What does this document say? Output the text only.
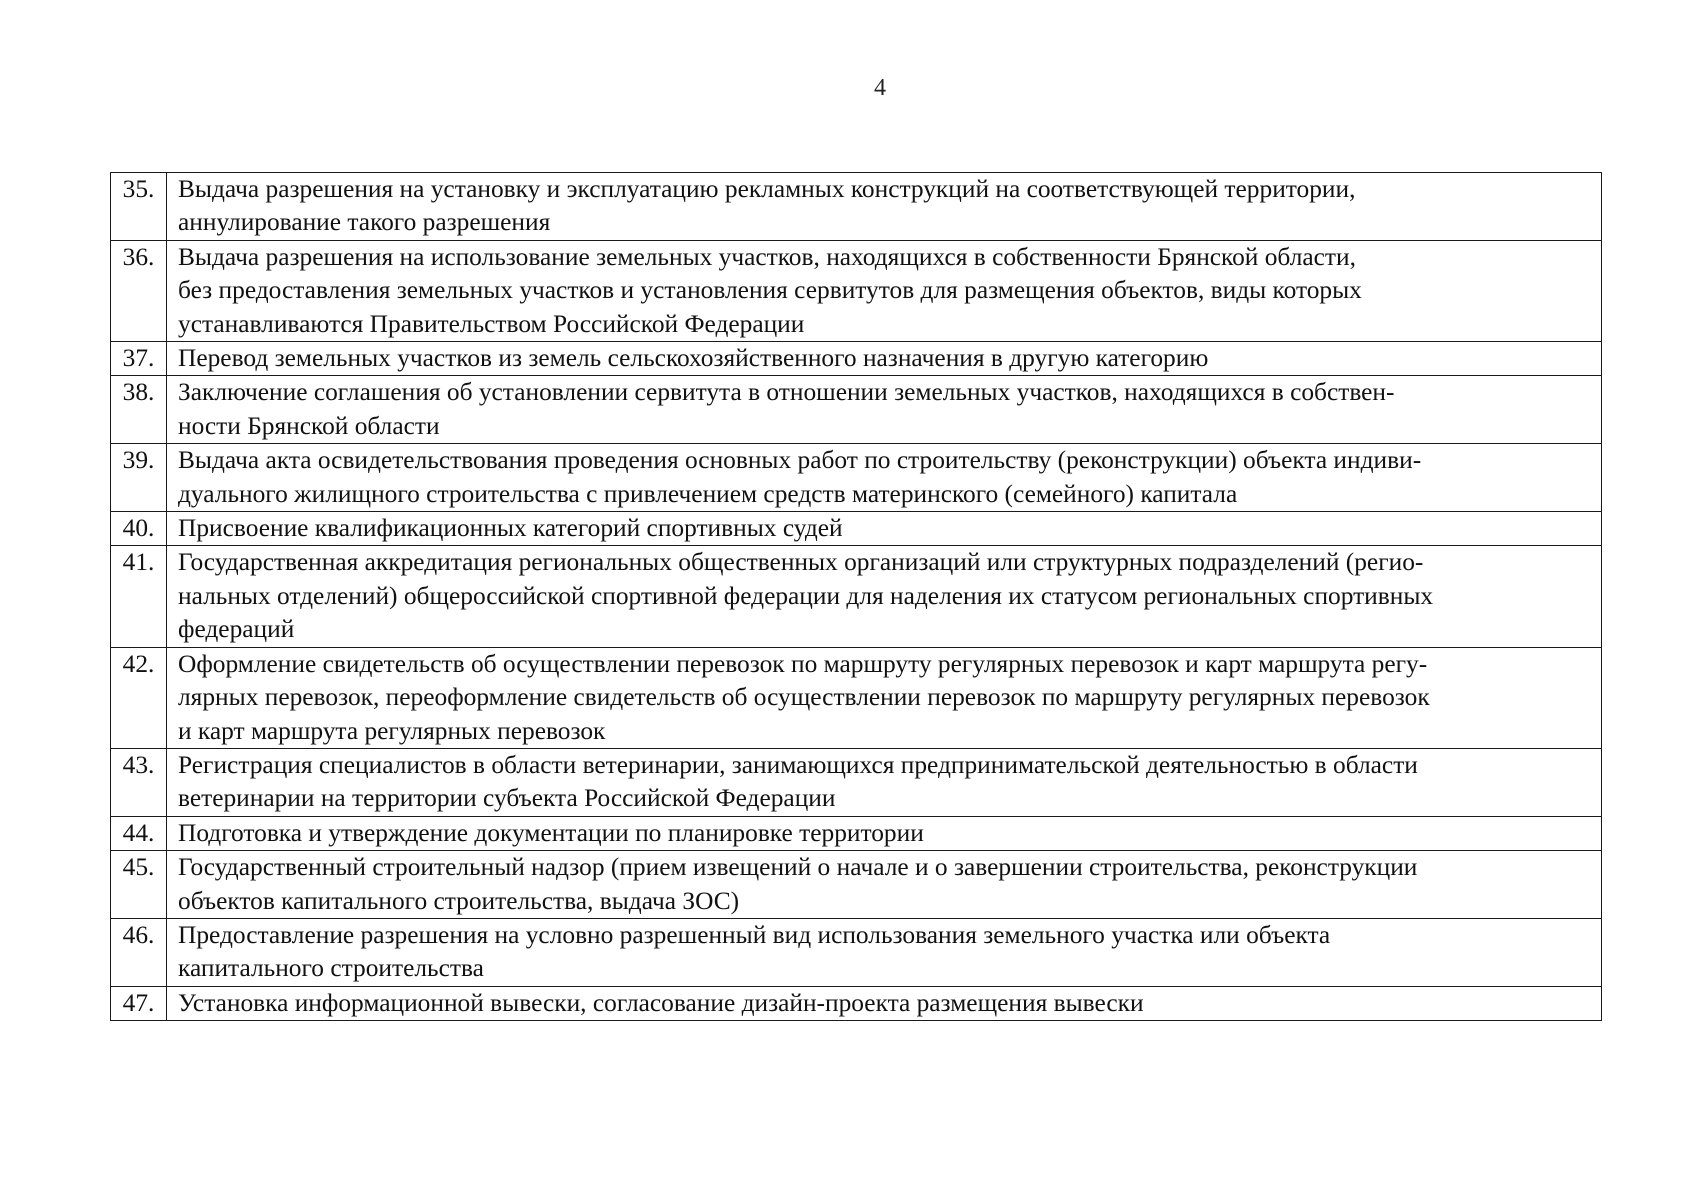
4
35.	Выдача разрешения на установку и эксплуатацию рекламных конструкций на соответствующей территории,
аннулирование такого разрешения

36.	Выдача разрешения на использование земельных участков, находящихся в собственности Брянской области,
без предоставления земельных участков и установления сервитутов для размещения объектов, виды которых
устанавливаются Правительством Российской Федерации

37.	Перевод земельных участков из земель сельскохозяйственного назначения в другую категорию

38.	Заключение соглашения об установлении сервитута в отношении земельных участков, находящихся в собствен-
ности Брянской области

39.	Выдача акта освидетельствования проведения основных работ по строительству (реконструкции) объекта индиви-
дуального жилищного строительства с привлечением средств материнского (семейного) капитала

40.	Присвоение квалификационных категорий спортивных судей

41.	Государственная аккредитация региональных общественных организаций или структурных подразделений (регио-
нальных отделений) общероссийской спортивной федерации для наделения их статусом региональных спортивных
федераций

42.	Оформление свидетельств об осуществлении перевозок по маршруту регулярных перевозок и карт маршрута регу-
лярных перевозок, переоформление свидетельств об осуществлении перевозок по маршруту регулярных перевозок
и карт маршрута регулярных перевозок

43.	Регистрация специалистов в области ветеринарии, занимающихся предпринимательской деятельностью в области
ветеринарии на территории субъекта Российской Федерации

44.	Подготовка и утверждение документации по планировке территории

45.	Государственный строительный надзор (прием извещений о начале и о завершении строительства, реконструкции
объектов капитального строительства, выдача ЗОС)

46.	Предоставление разрешения на условно разрешенный вид использования земельного участка или объекта
капитального строительства

47.	Установка информационной вывески, согласование дизайн-проекта размещения вывески
